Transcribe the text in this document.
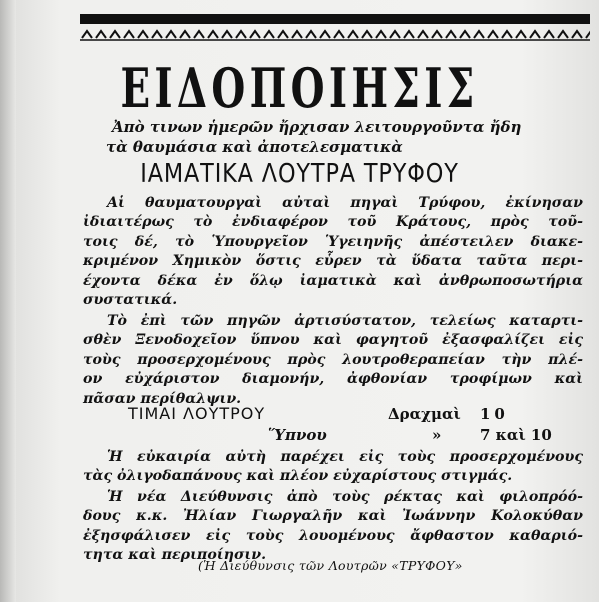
ΕΙΔΟΠΟΙΗΣΙΣ
Ἀπὸ τινων ἡμερῶν ἤρχισαν λειτουργοῦντα ἤδη
τὰ θαυμάσια καὶ ἀποτελεσματικὰ
ΙΑΜΑΤΙΚΑ ΛΟΥΤΡΑ ΤΡΥΦΟΥ
Αἱ θαυματουργαὶ αὐταὶ πηγαὶ Τρύφου, ἐκίνησαν
ἰδιαιτέρως τὸ ἐνδιαφέρον τοῦ Κράτους, πρὸς τοῦ-
τοις δέ, τὸ Ὑπουργεῖον Ὑγειηνῆς ἀπέστειλεν διακε-
κριμένον Χημικὸν ὅστις εὗρεν τὰ ὕδατα ταῦτα περι-
έχοντα δέκα ἐν ὅλῳ ἰαματικὰ καὶ ἀνθρωποσωτήρια
συστατικά.
Τὸ ἐπὶ τῶν πηγῶν ἀρτισύστατον, τελείως καταρτι-
σθὲν Ξενοδοχεῖον ὕπνου καὶ φαγητοῦ ἐξασφαλίζει εἰς
τοὺς προσερχομένους πρὸς λουτροθεραπείαν τὴν πλέ-
ον εὐχάριστον διαμονήν, ἀφθονίαν τροφίμων καὶ
πᾶσαν περίθαλψιν.
ΤΙΜΑΙ ΛΟΥΤΡΟΥ	Δραχμαὶ 10
Ὕπνου	»	7 καὶ 10
Ἡ εὐκαιρία αὐτὴ παρέχει εἰς τοὺς προσερχομένους
τὰς ὀλιγοδαπάνους καὶ πλέον εὐχαρίστους στιγμάς.
Ἡ νέα Διεύθυνσις ἀπὸ τοὺς ρέκτας καὶ φιλοπρόό-
δους κ.κ. Ἠλίαν Γιωργαλῆν καὶ Ἰωάννην Κολοκύθαν
ἐξησφάλισεν εἰς τοὺς λουομένους ἄφθαστον καθαριό-
τητα καὶ περιποίησιν.
(Ἡ Διεύθυνσις τῶν Λουτρῶν «ΤΡΥΦΟΥ»
